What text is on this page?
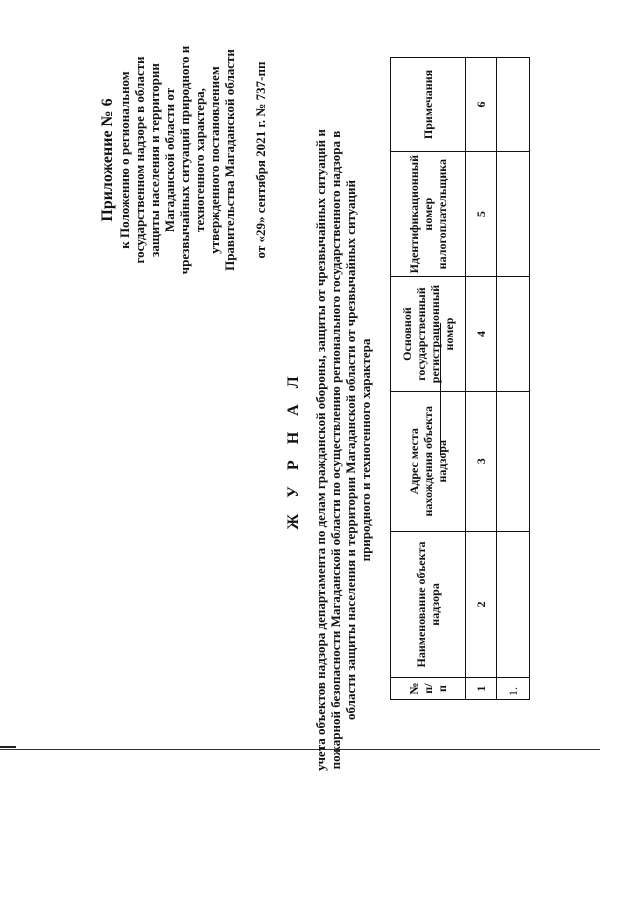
Приложение № 6 к Положению о региональном государственном надзоре в области защиты населения и территории Магаданской области от чрезвычайных ситуаций природного и техногенного характера, утвержденного постановлением Правительства Магаданской области от «29» сентября 2021 г. № 737-пп
Ж У Р Н А Л учета объектов надзора департамента по делам гражданской обороны, защиты от чрезвычайных ситуаций и пожарной безопасности Магаданской области по осуществлению регионального государственного надзора в области защиты населения и территории Магаданской области от чрезвычайных ситуаций природного и техногенного характера
№ п/п	Наименование объекта надзора	Адрес места нахождения объекта надзора	Основной государственный регистрационный номер	Идентификационный номер налогоплательщика	Примечания
1	2	3	4	5	6
1.					
